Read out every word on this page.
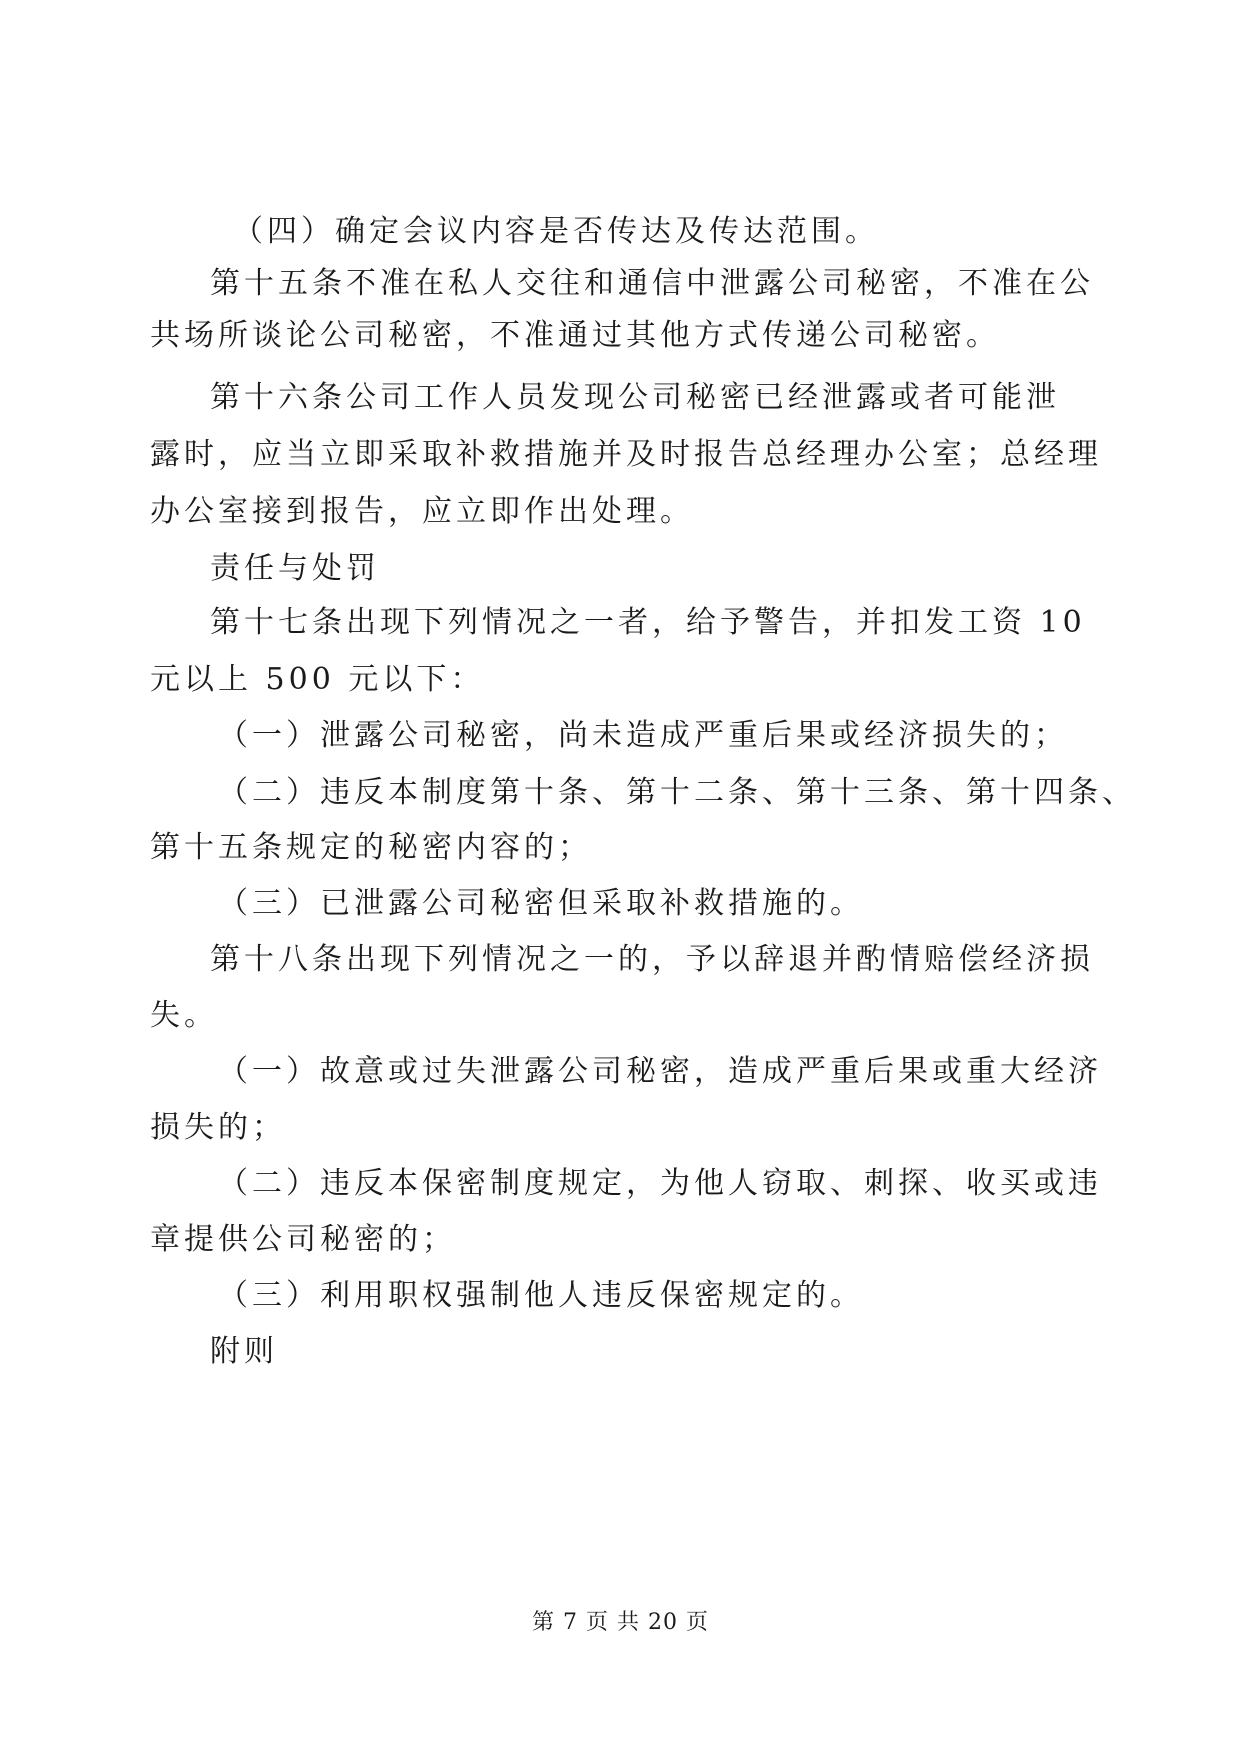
（四）确定会议内容是否传达及传达范围。
第十五条不准在私人交往和通信中泄露公司秘密，不准在公
共场所谈论公司秘密，不准通过其他方式传递公司秘密。
第十六条公司工作人员发现公司秘密已经泄露或者可能泄
露时，应当立即采取补救措施并及时报告总经理办公室；总经理
办公室接到报告，应立即作出处理。
责任与处罚
第十七条出现下列情况之一者，给予警告，并扣发工资 10
元以上 500 元以下：
（一）泄露公司秘密，尚未造成严重后果或经济损失的；
（二）违反本制度第十条、第十二条、第十三条、第十四条、
第十五条规定的秘密内容的；
（三）已泄露公司秘密但采取补救措施的。
第十八条出现下列情况之一的，予以辞退并酌情赔偿经济损
失。
（一）故意或过失泄露公司秘密，造成严重后果或重大经济
损失的；
（二）违反本保密制度规定，为他人窃取、刺探、收买或违
章提供公司秘密的；
（三）利用职权强制他人违反保密规定的。
附则
第 7 页 共 20 页
